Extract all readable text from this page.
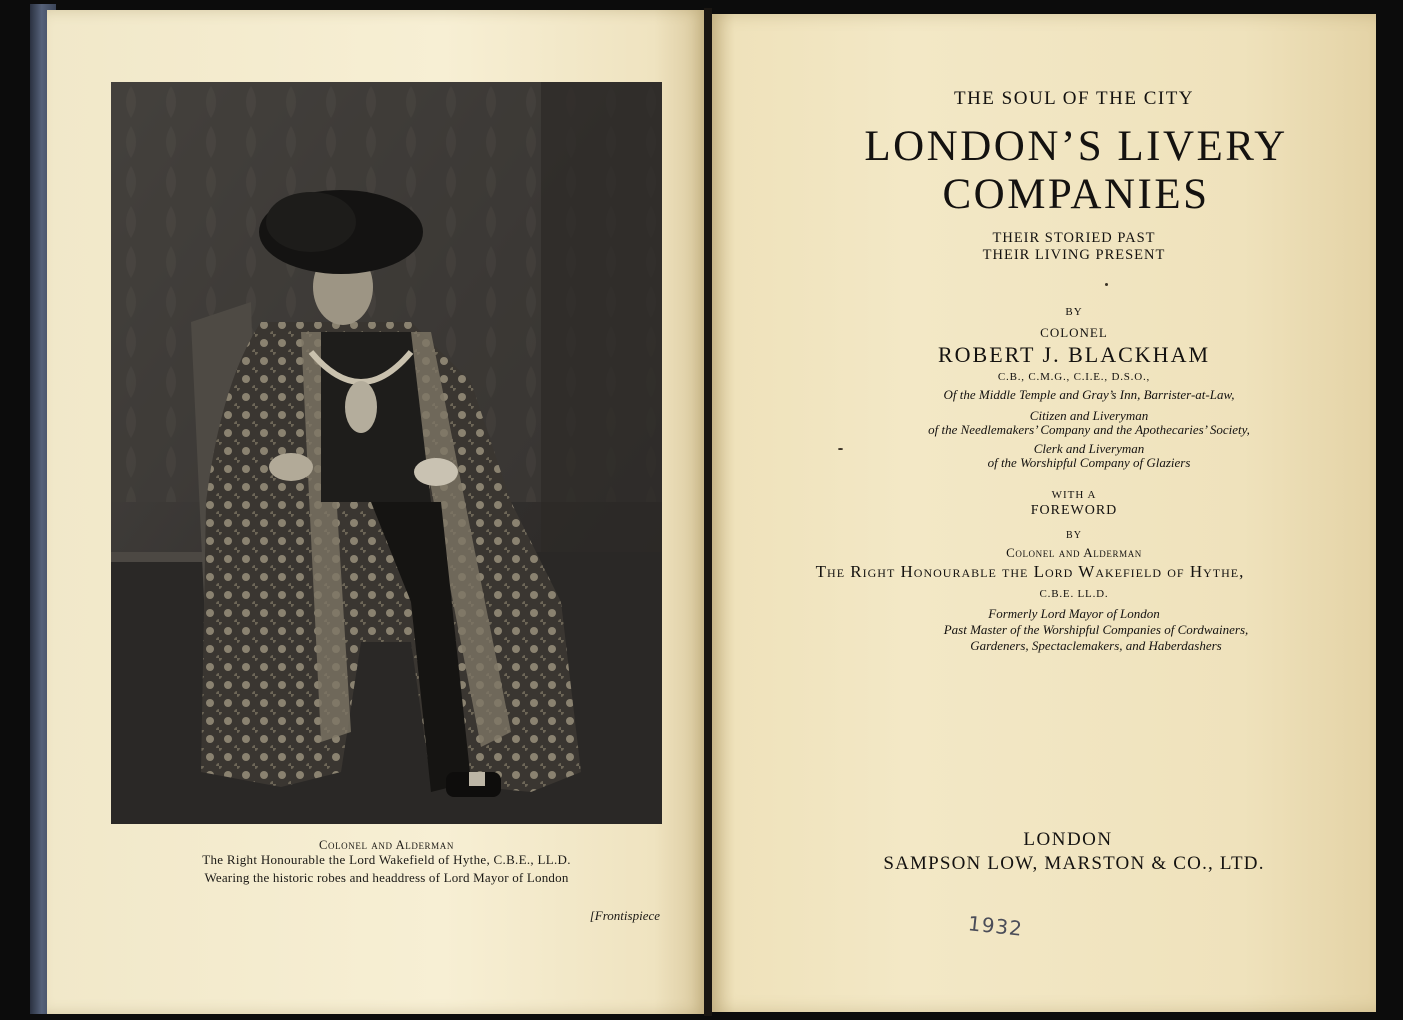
Colonel and Alderman
The Right Honourable the Lord Wakefield of Hythe, C.B.E., LL.D.
Wearing the historic robes and headdress of Lord Mayor of London
[Frontispiece
THE SOUL OF THE CITY
LONDON’S LIVERY
COMPANIES
THEIR STORIED PAST
THEIR LIVING PRESENT
BY
COLONEL
ROBERT J. BLACKHAM
C.B., C.M.G., C.I.E., D.S.O.,
Of the Middle Temple and Gray’s Inn, Barrister-at-Law,
Citizen and Liveryman
of the Needlemakers’ Company and the Apothecaries’ Society,
Clerk and Liveryman
of the Worshipful Company of Glaziers
WITH A
FOREWORD
BY
Colonel and Alderman
The Right Honourable the Lord Wakefield of Hythe,
C.B.E. LL.D.
Formerly Lord Mayor of London
Past Master of the Worshipful Companies of Cordwainers,
Gardeners, Spectaclemakers, and Haberdashers
LONDON
SAMPSON LOW, MARSTON & CO., LTD.
1932
